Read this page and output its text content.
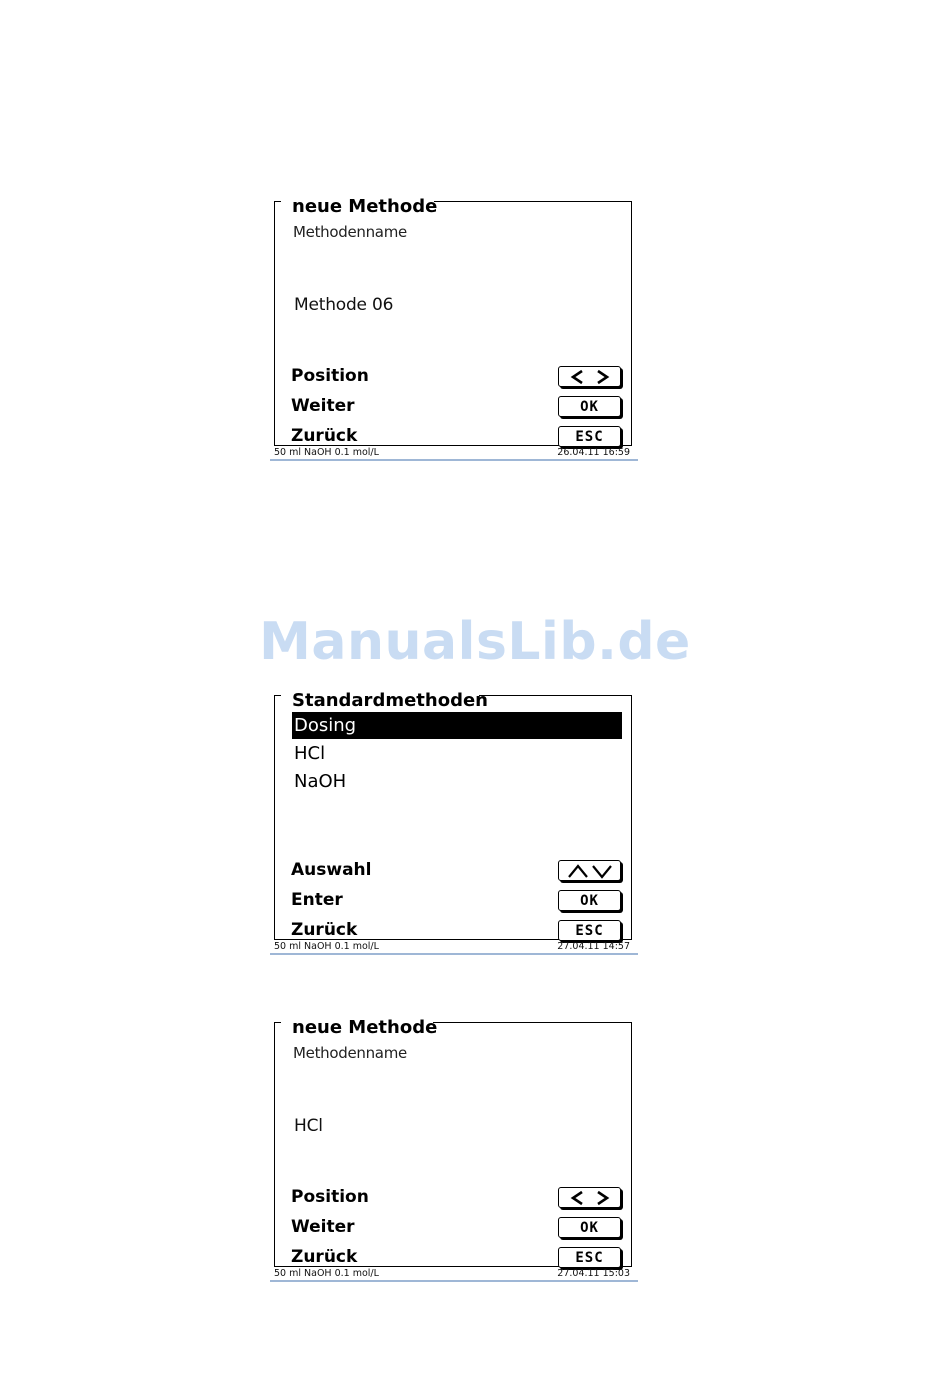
neue Methode
Methodenname
Methode 06
Position
Weiter	OK
Zurück	ESC
50 ml NaOH 0.1 mol/L	26.04.11 16:59
ManualsLib.de
Standardmethoden
Dosing
HCl
NaOH
Auswahl
Enter	OK
Zurück	ESC
50 ml NaOH 0.1 mol/L	27.04.11 14:57
neue Methode
Methodenname
HCl
Position
Weiter	OK
Zurück	ESC
50 ml NaOH 0.1 mol/L	27.04.11 15:03
